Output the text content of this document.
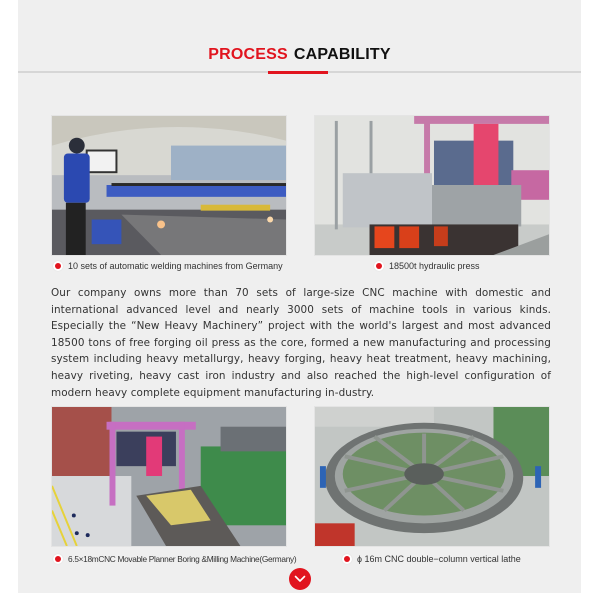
PROCESS CAPABILITY
10 sets of automatic welding machines from Germany	18500t hydraulic press

Our company owns more than 70 sets of large-size CNC machine with domestic and international advanced level and nearly 3000 sets of machine tools in various kinds. Especially the “New Heavy Machinery” project with the world's largest and most advanced 18500 tons of free forging oil press as the core, formed a new manufacturing and processing system including heavy metallurgy, heavy forging, heavy heat treatment, heavy machining, heavy riveting, heavy cast iron industry and also reached the high-level configuration of modern heavy complete equipment manufacturing in-dustry.

6.5×18mCNC Movable Planner Boring &Milling Machine(Germany)	ɸ 16m CNC double−column vertical lathe
